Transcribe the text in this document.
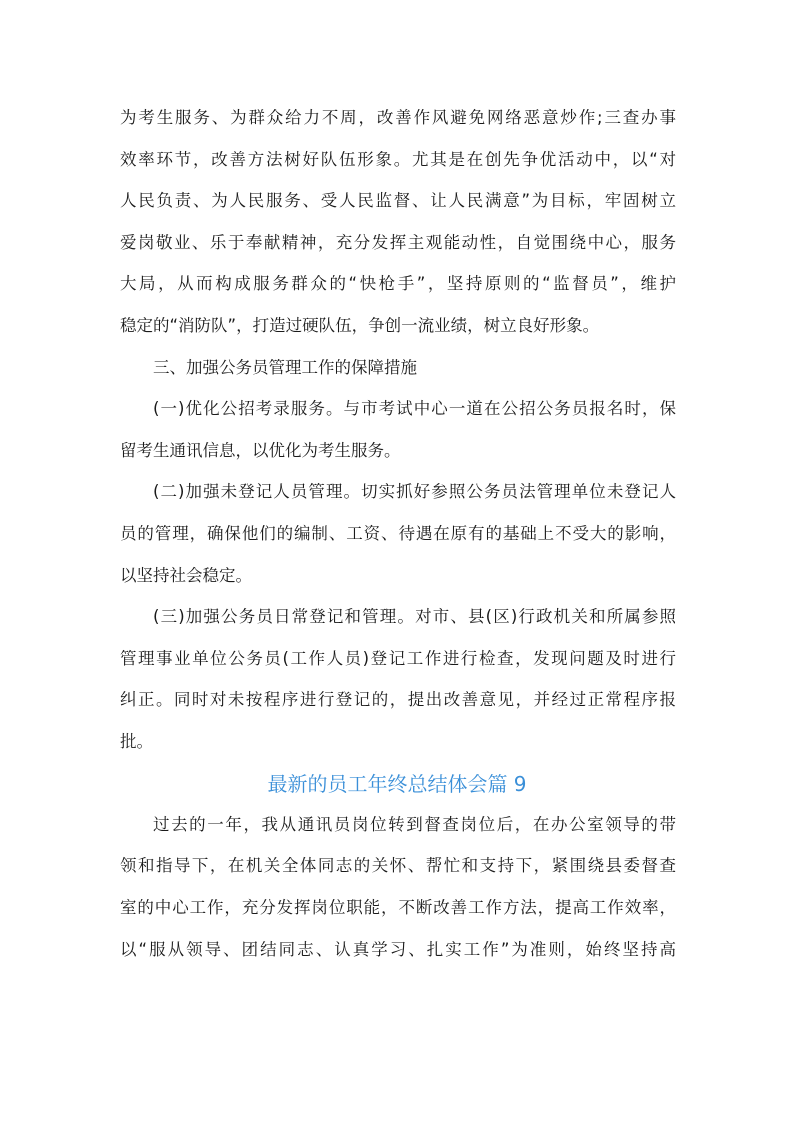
为考生服务、为群众给力不周，改善作风避免网络恶意炒作;三查办事

效率环节，改善方法树好队伍形象。尤其是在创先争优活动中，以“对

人民负责、为人民服务、受人民监督、让人民满意”为目标，牢固树立

爱岗敬业、乐于奉献精神，充分发挥主观能动性，自觉围绕中心，服务

大局，从而构成服务群众的“快枪手”，坚持原则的“监督员”，维护

稳定的“消防队”，打造过硬队伍，争创一流业绩，树立良好形象。

三、加强公务员管理工作的保障措施

(一)优化公招考录服务。与市考试中心一道在公招公务员报名时，保

留考生通讯信息，以优化为考生服务。

(二)加强未登记人员管理。切实抓好参照公务员法管理单位未登记人

员的管理，确保他们的编制、工资、待遇在原有的基础上不受大的影响，

以坚持社会稳定。

(三)加强公务员日常登记和管理。对市、县(区)行政机关和所属参照

管理事业单位公务员(工作人员)登记工作进行检查，发现问题及时进行

纠正。同时对未按程序进行登记的，提出改善意见，并经过正常程序报

批。

最新的员工年终总结体会篇 9

过去的一年，我从通讯员岗位转到督查岗位后，在办公室领导的带

领和指导下，在机关全体同志的关怀、帮忙和支持下，紧围绕县委督查

室的中心工作，充分发挥岗位职能，不断改善工作方法，提高工作效率，

以“服从领导、团结同志、认真学习、扎实工作”为准则，始终坚持高
